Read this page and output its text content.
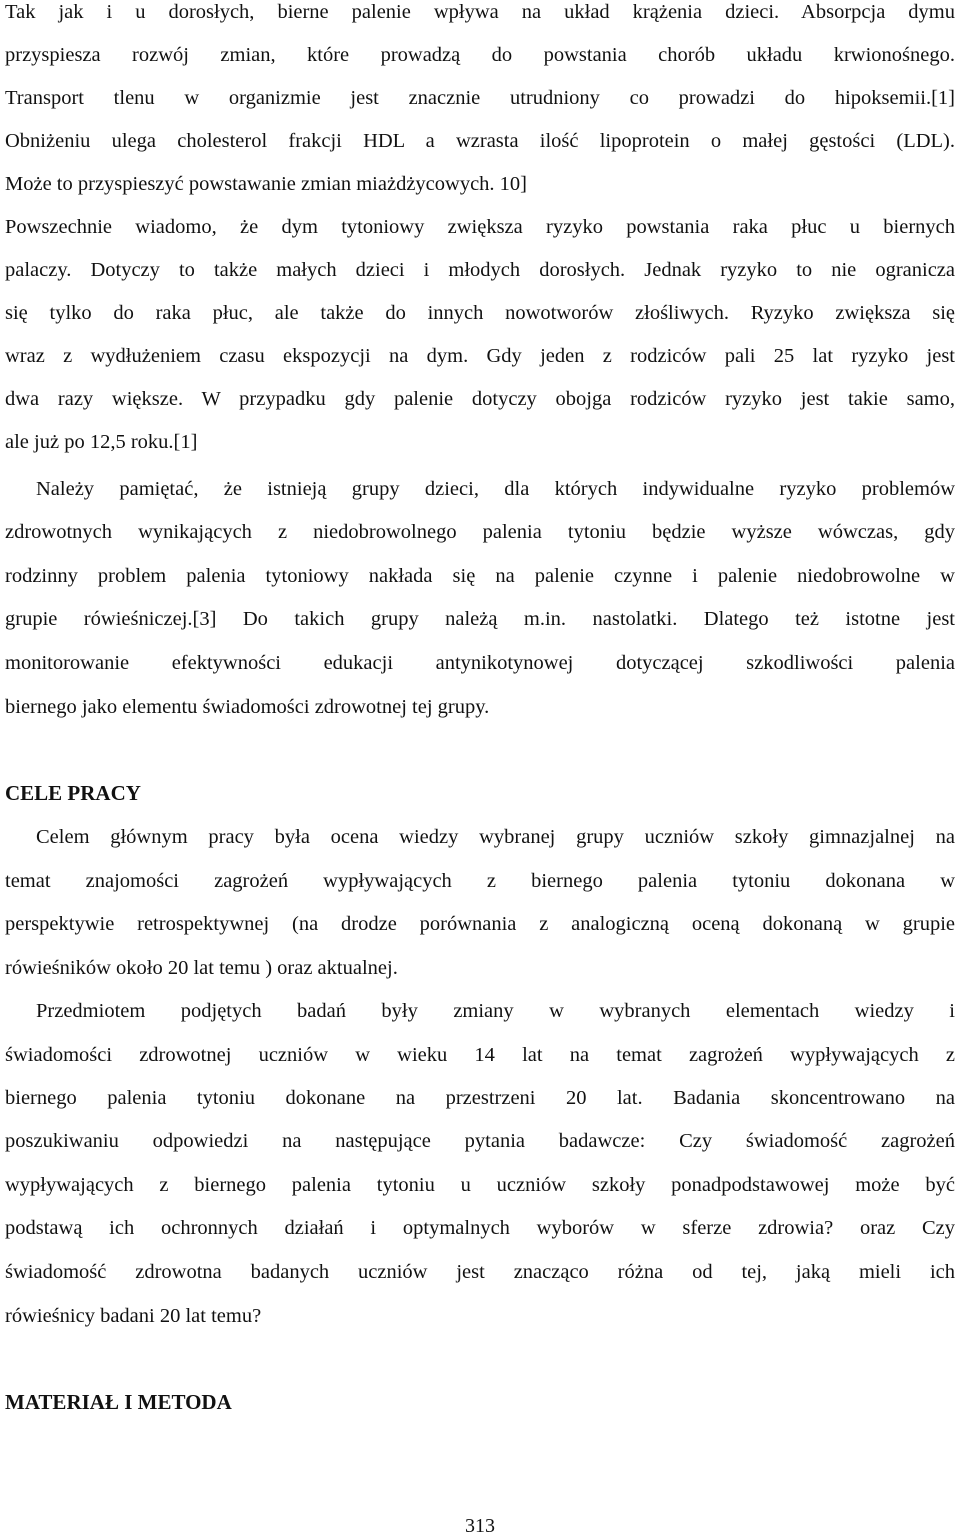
Tak jak i u dorosłych, bierne palenie wpływa na układ krążenia dzieci. Absorpcja dymu
przyspiesza rozwój zmian, które prowadzą do powstania chorób układu krwionośnego.
Transport tlenu w organizmie jest znacznie utrudniony co prowadzi do hipoksemii.[1]
Obniżeniu ulega cholesterol frakcji HDL a wzrasta ilość lipoprotein o małej gęstości (LDL).
Może to przyspieszyć powstawanie zmian miażdżycowych. 10]
Powszechnie wiadomo, że dym tytoniowy zwiększa ryzyko powstania raka płuc u biernych
palaczy. Dotyczy to także małych dzieci i młodych dorosłych. Jednak ryzyko to nie ogranicza
się tylko do raka płuc, ale także do innych nowotworów złośliwych. Ryzyko zwiększa się
wraz z wydłużeniem czasu ekspozycji na dym. Gdy jeden z rodziców pali 25 lat ryzyko jest
dwa razy większe. W przypadku gdy palenie dotyczy obojga rodziców ryzyko jest takie samo,
ale już po 12,5 roku.[1]
Należy pamiętać, że istnieją grupy dzieci, dla których indywidualne ryzyko problemów
zdrowotnych wynikających z niedobrowolnego palenia tytoniu będzie wyższe wówczas, gdy
rodzinny problem palenia tytoniowy nakłada się na palenie czynne i palenie niedobrowolne w
grupie rówieśniczej.[3] Do takich grupy należą m.in. nastolatki. Dlatego też istotne jest
monitorowanie efektywności edukacji antynikotynowej dotyczącej szkodliwości palenia
biernego jako elementu świadomości zdrowotnej tej grupy.
CELE PRACY
Celem głównym pracy była ocena wiedzy wybranej grupy uczniów szkoły gimnazjalnej na
temat znajomości zagrożeń wypływających z biernego palenia tytoniu dokonana w
perspektywie retrospektywnej (na drodze porównania z analogiczną oceną dokonaną w grupie
rówieśników około 20 lat temu ) oraz aktualnej.
Przedmiotem podjętych badań były zmiany w wybranych elementach wiedzy i
świadomości zdrowotnej uczniów w wieku 14 lat na temat zagrożeń wypływających z
biernego palenia tytoniu dokonane na przestrzeni 20 lat. Badania skoncentrowano na
poszukiwaniu odpowiedzi na następujące pytania badawcze: Czy świadomość zagrożeń
wypływających z biernego palenia tytoniu u uczniów szkoły ponadpodstawowej może być
podstawą ich ochronnych działań i optymalnych wyborów w sferze zdrowia? oraz Czy
świadomość zdrowotna badanych uczniów jest znacząco różna od tej, jaką mieli ich
rówieśnicy badani 20 lat temu?
MATERIAŁ I METODA
313
